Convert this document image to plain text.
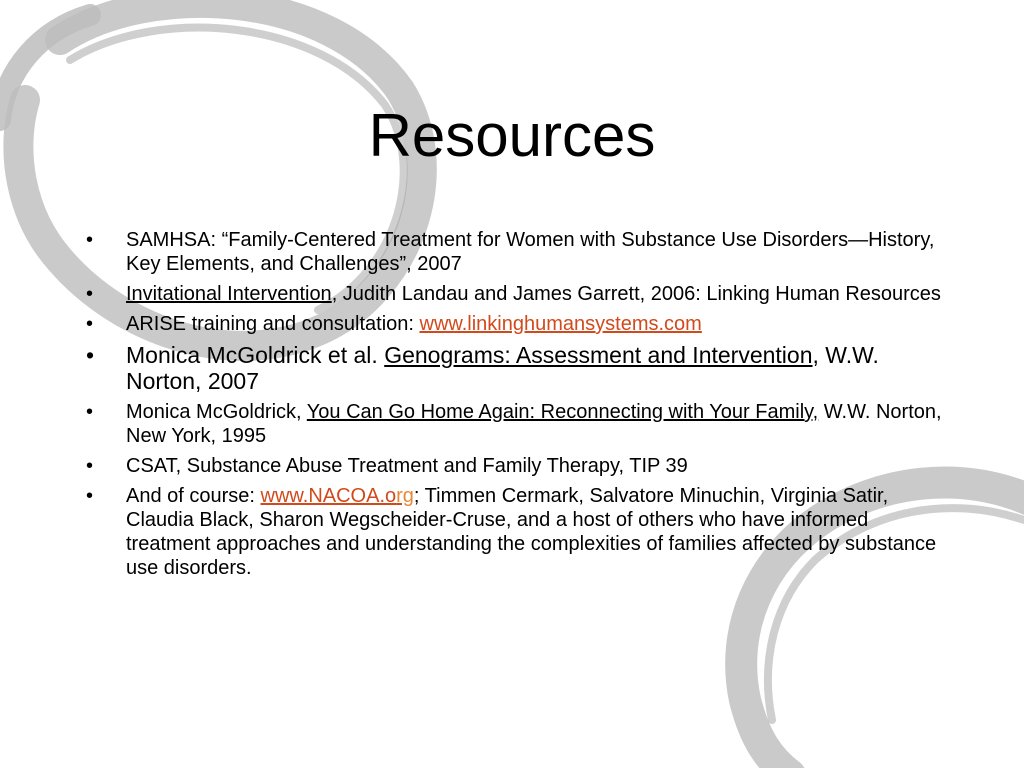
Resources
• SAMHSA: “Family-Centered Treatment for Women with Substance Use Disorders—History, Key Elements, and Challenges”, 2007
• Invitational Intervention, Judith Landau and James Garrett, 2006: Linking Human Resources
• ARISE training and consultation: www.linkinghumansystems.com
• Monica McGoldrick et al. Genograms: Assessment and Intervention, W.W. Norton, 2007
• Monica McGoldrick, You Can Go Home Again: Reconnecting with Your Family, W.W. Norton, New York, 1995
• CSAT, Substance Abuse Treatment and Family Therapy, TIP 39
• And of course: www.NACOA.org; Timmen Cermark, Salvatore Minuchin, Virginia Satir, Claudia Black, Sharon Wegscheider-Cruse, and a host of others who have informed treatment approaches and understanding the complexities of families affected by substance use disorders.
